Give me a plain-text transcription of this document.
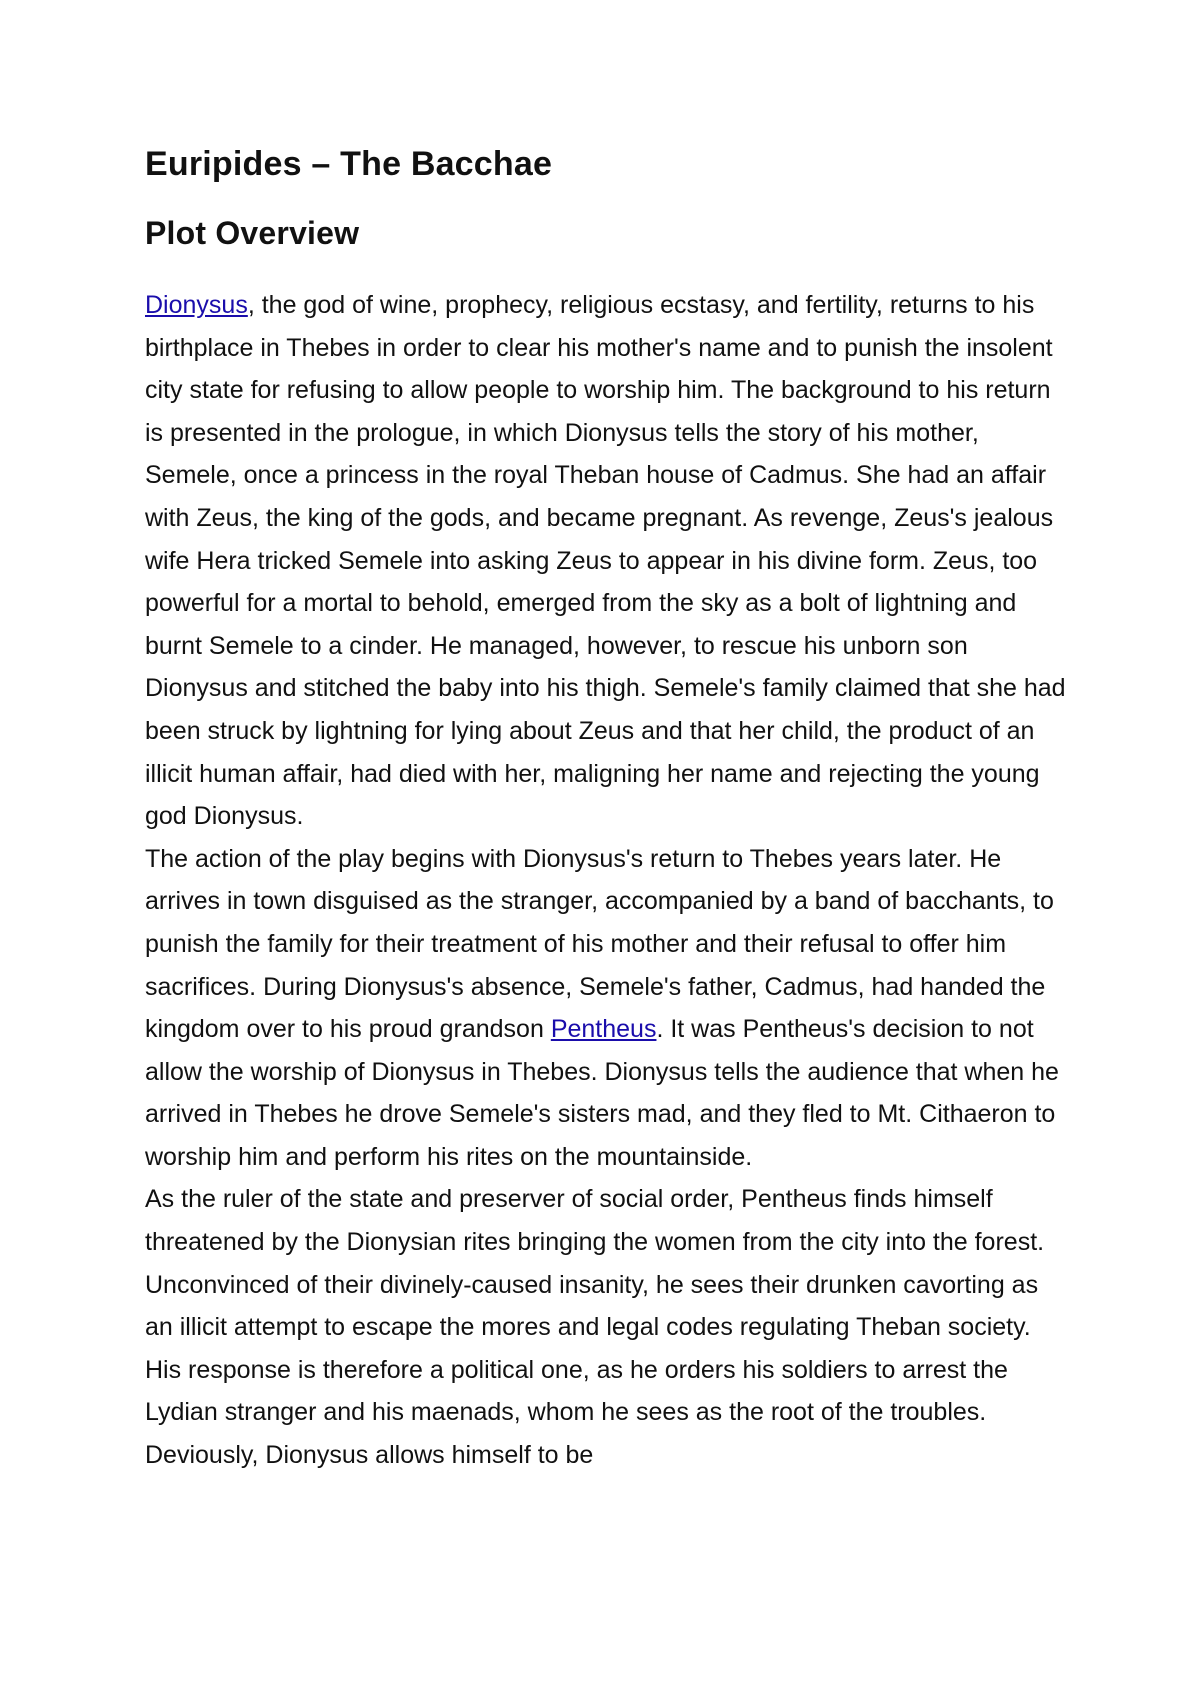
Euripides – The Bacchae
Plot Overview

Dionysus, the god of wine, prophecy, religious ecstasy, and fertility, returns to his birthplace in Thebes in order to clear his mother's name and to punish the insolent city state for refusing to allow people to worship him. The background to his return is presented in the prologue, in which Dionysus tells the story of his mother, Semele, once a princess in the royal Theban house of Cadmus. She had an affair with Zeus, the king of the gods, and became pregnant. As revenge, Zeus's jealous wife Hera tricked Semele into asking Zeus to appear in his divine form. Zeus, too powerful for a mortal to behold, emerged from the sky as a bolt of lightning and burnt Semele to a cinder. He managed, however, to rescue his unborn son Dionysus and stitched the baby into his thigh. Semele's family claimed that she had been struck by lightning for lying about Zeus and that her child, the product of an illicit human affair, had died with her, maligning her name and rejecting the young god Dionysus.

The action of the play begins with Dionysus's return to Thebes years later. He arrives in town disguised as the stranger, accompanied by a band of bacchants, to punish the family for their treatment of his mother and their refusal to offer him sacrifices. During Dionysus's absence, Semele's father, Cadmus, had handed the kingdom over to his proud grandson Pentheus. It was Pentheus's decision to not allow the worship of Dionysus in Thebes. Dionysus tells the audience that when he arrived in Thebes he drove Semele's sisters mad, and they fled to Mt. Cithaeron to worship him and perform his rites on the mountainside.

As the ruler of the state and preserver of social order, Pentheus finds himself threatened by the Dionysian rites bringing the women from the city into the forest. Unconvinced of their divinely-caused insanity, he sees their drunken cavorting as an illicit attempt to escape the mores and legal codes regulating Theban society. His response is therefore a political one, as he orders his soldiers to arrest the Lydian stranger and his maenads, whom he sees as the root of the troubles. Deviously, Dionysus allows himself to be
